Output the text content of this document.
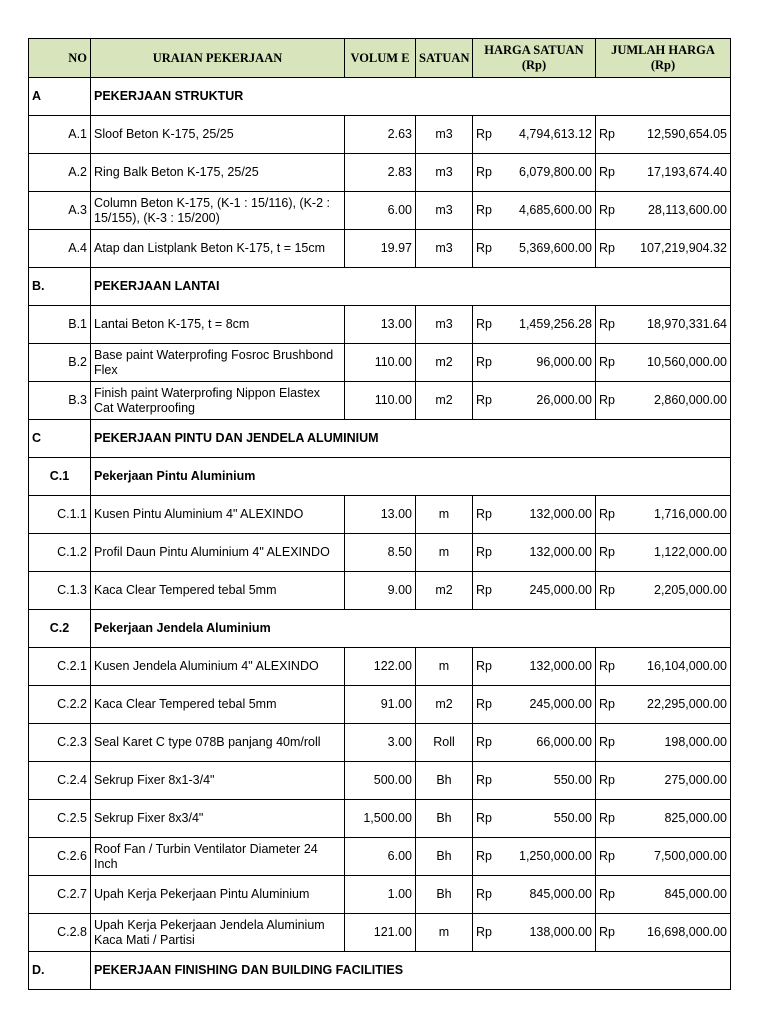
NO	URAIAN PEKERJAAN	VOLUM E	SATUAN	HARGA SATUAN (Rp)		JUMLAH HARGA (Rp)	
A	PEKERJAAN STRUKTUR						
A.1	Sloof Beton K-175, 25/25	2.63	m3	Rp	4,794,613.12	Rp	12,590,654.05
A.2	Ring Balk Beton K-175, 25/25	2.83	m3	Rp	6,079,800.00	Rp	17,193,674.40
A.3	Column Beton K-175, (K-1 : 15/116), (K-2 : 15/155), (K-3 : 15/200)	6.00	m3	Rp	4,685,600.00	Rp	28,113,600.00
A.4	Atap dan Listplank Beton K-175, t = 15cm	19.97	m3	Rp	5,369,600.00	Rp	107,219,904.32
B.	PEKERJAAN LANTAI						
B.1	Lantai Beton K-175, t = 8cm	13.00	m3	Rp	1,459,256.28	Rp	18,970,331.64
B.2	Base paint Waterprofing Fosroc Brushbond Flex	110.00	m2	Rp	96,000.00	Rp	10,560,000.00
B.3	Finish paint Waterprofing Nippon Elastex Cat Waterproofing	110.00	m2	Rp	26,000.00	Rp	2,860,000.00
C	PEKERJAAN PINTU DAN JENDELA ALUMINIUM						
C.1	Pekerjaan Pintu Aluminium						
C.1.1	Kusen Pintu Aluminium 4" ALEXINDO	13.00	m	Rp	132,000.00	Rp	1,716,000.00
C.1.2	Profil Daun Pintu Aluminium 4" ALEXINDO	8.50	m	Rp	132,000.00	Rp	1,122,000.00
C.1.3	Kaca Clear Tempered tebal 5mm	9.00	m2	Rp	245,000.00	Rp	2,205,000.00
C.2	Pekerjaan Jendela Aluminium						
C.2.1	Kusen Jendela Aluminium 4" ALEXINDO	122.00	m	Rp	132,000.00	Rp	16,104,000.00
C.2.2	Kaca Clear Tempered tebal 5mm	91.00	m2	Rp	245,000.00	Rp	22,295,000.00
C.2.3	Seal Karet C type 078B panjang 40m/roll	3.00	Roll	Rp	66,000.00	Rp	198,000.00
C.2.4	Sekrup Fixer 8x1-3/4"	500.00	Bh	Rp	550.00	Rp	275,000.00
C.2.5	Sekrup Fixer 8x3/4"	1,500.00	Bh	Rp	550.00	Rp	825,000.00
C.2.6	Roof Fan / Turbin Ventilator Diameter 24 Inch	6.00	Bh	Rp	1,250,000.00	Rp	7,500,000.00
C.2.7	Upah Kerja Pekerjaan Pintu Aluminium	1.00	Bh	Rp	845,000.00	Rp	845,000.00
C.2.8	Upah Kerja Pekerjaan Jendela Aluminium Kaca Mati / Partisi	121.00	m	Rp	138,000.00	Rp	16,698,000.00
D.	PEKERJAAN FINISHING DAN BUILDING FACILITIES						
